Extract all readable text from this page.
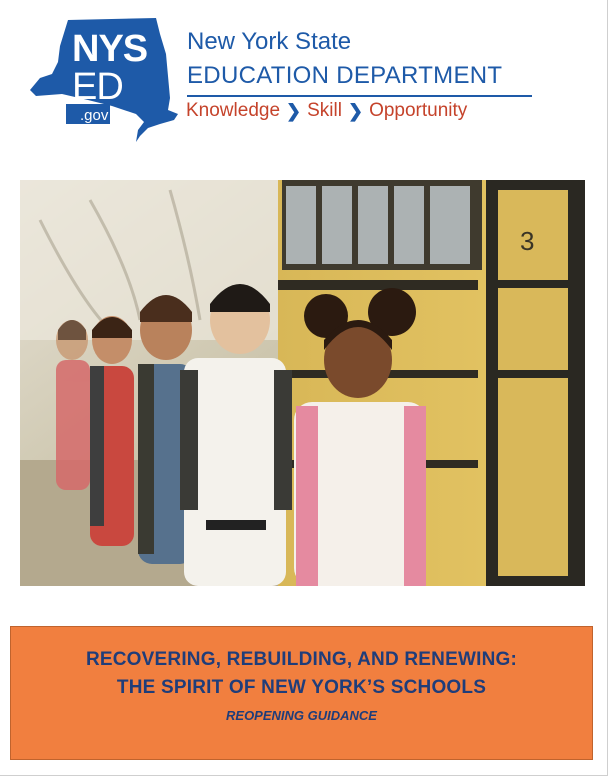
NYS
ED
.gov
New York State
EDUCATION DEPARTMENT
Knowledge ❯ Skill ❯ Opportunity
3
RECOVERING, REBUILDING, AND RENEWING:
THE SPIRIT OF NEW YORK’S SCHOOLS
REOPENING GUIDANCE
